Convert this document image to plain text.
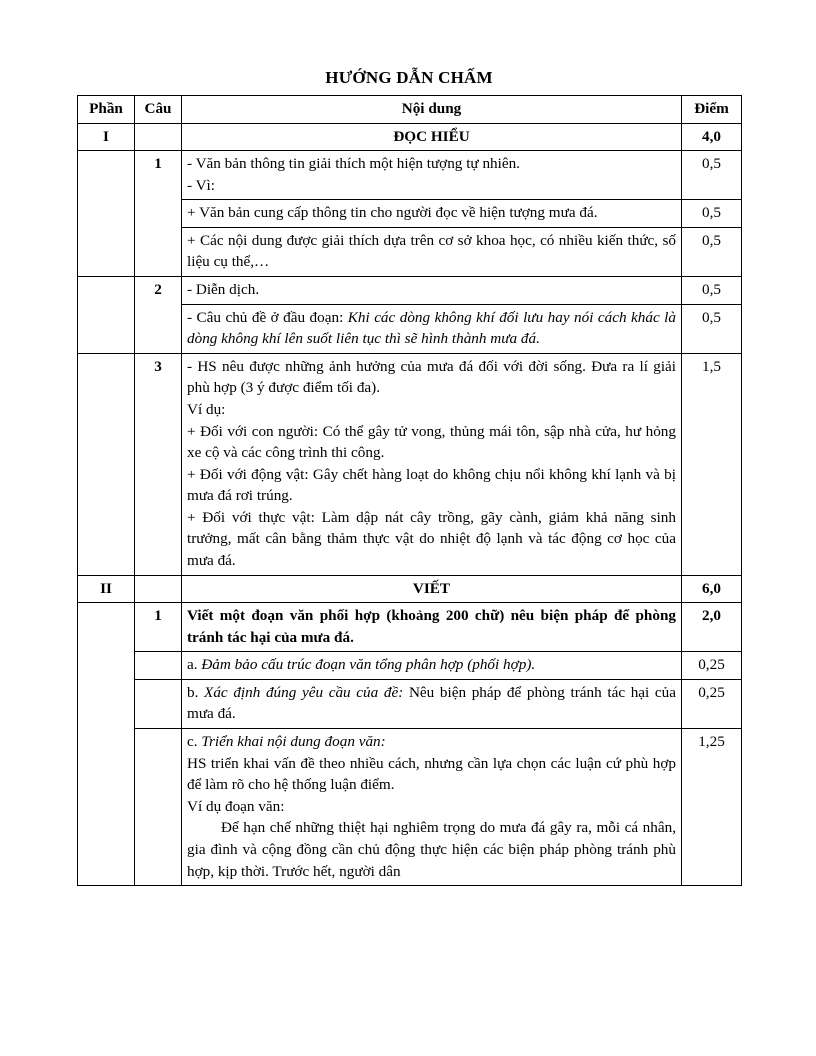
HƯỚNG DẪN CHẤM
Phần	Câu	Nội dung	Điểm
I		ĐỌC HIỂU	4,0
	1	- Văn bản thông tin giải thích một hiện tượng tự nhiên.

- Vì:	0,5

		+ Văn bản cung cấp thông tin cho người đọc về hiện tượng mưa đá.	0,5

		+ Các nội dung được giải thích dựa trên cơ sở khoa học, có nhiều kiến thức, số liệu cụ thể,…	0,5
	2	- Diễn dịch.	0,5

		- Câu chủ đề ở đầu đoạn: Khi các dòng không khí đối lưu hay nói cách khác là dòng không khí lên suốt liên tục thì sẽ hình thành mưa đá.	0,5
	3	- HS nêu được những ảnh hưởng của mưa đá đối với đời sống. Đưa ra lí giải phù hợp (3 ý được điểm tối đa).

Ví dụ:

+ Đối với con người: Có thể gây tử vong, thủng mái tôn, sập nhà cửa, hư hỏng xe cộ và các công trình thi công.

+ Đối với động vật: Gây chết hàng loạt do không chịu nổi không khí lạnh và bị mưa đá rơi trúng.

+ Đối với thực vật: Làm dập nát cây trồng, gãy cành, giảm khả năng sinh trưởng, mất cân bằng thảm thực vật do nhiệt độ lạnh và tác động cơ học của mưa đá.	1,5
II		VIẾT	6,0
	1	Viết một đoạn văn phối hợp (khoảng 200 chữ) nêu biện pháp để phòng tránh tác hại của mưa đá.	2,0

		a. Đảm bảo cấu trúc đoạn văn tổng phân hợp (phối hợp).	0,25

		b. Xác định đúng yêu cầu của đề: Nêu biện pháp để phòng tránh tác hại của mưa đá.	0,25

		c. Triển khai nội dung đoạn văn:

HS triển khai vấn đề theo nhiều cách, nhưng cần lựa chọn các luận cứ phù hợp để làm rõ cho hệ thống luận điểm.

Ví dụ đoạn văn:

Để hạn chế những thiệt hại nghiêm trọng do mưa đá gây ra, mỗi cá nhân, gia đình và cộng đồng cần chủ động thực hiện các biện pháp phòng tránh phù hợp, kịp thời. Trước hết, người dân	1,25
